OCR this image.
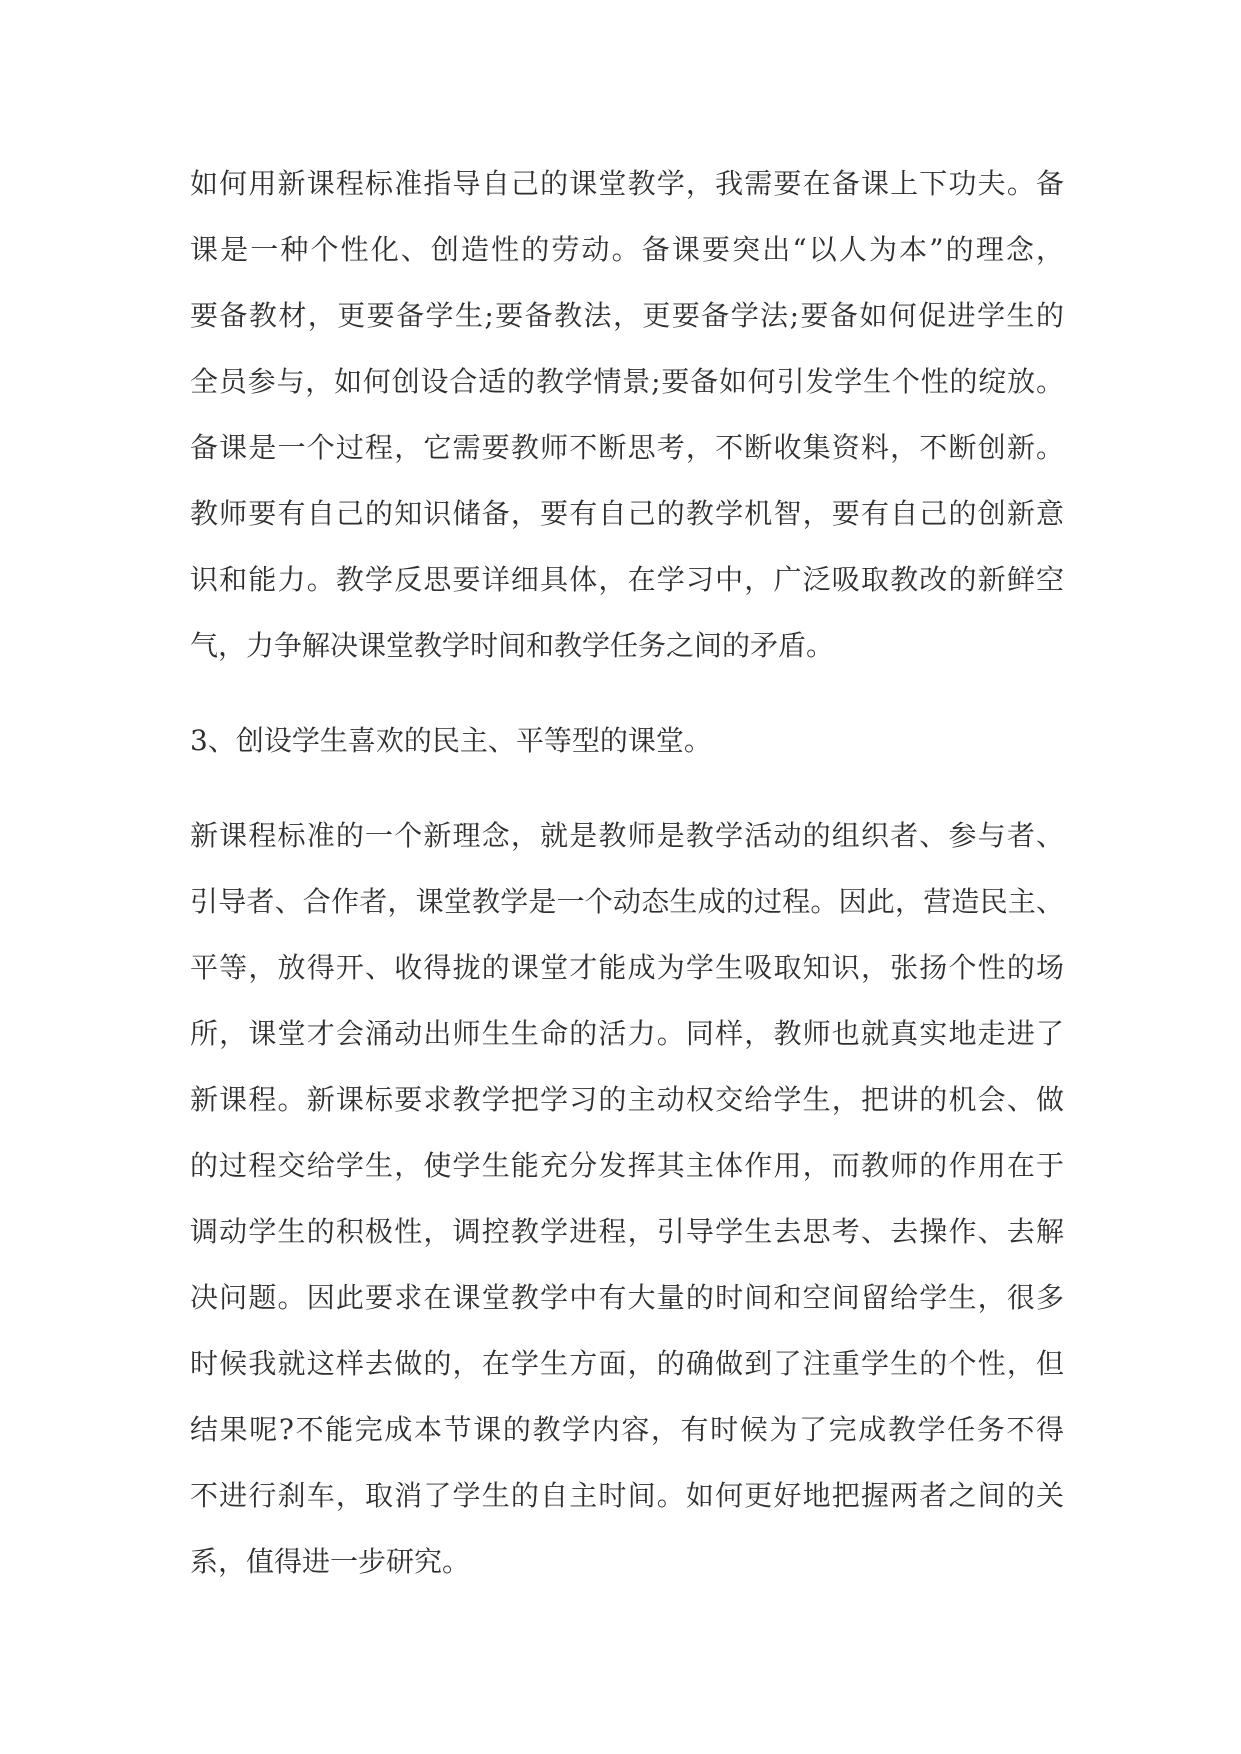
如何用新课程标准指导自己的课堂教学，我需要在备课上下功夫。备
课是一种个性化、创造性的劳动。备课要突出“以人为本”的理念，
要备教材，更要备学生;要备教法，更要备学法;要备如何促进学生的
全员参与，如何创设合适的教学情景;要备如何引发学生个性的绽放。
备课是一个过程，它需要教师不断思考，不断收集资料，不断创新。
教师要有自己的知识储备，要有自己的教学机智，要有自己的创新意
识和能力。教学反思要详细具体，在学习中，广泛吸取教改的新鲜空
气，力争解决课堂教学时间和教学任务之间的矛盾。
3、创设学生喜欢的民主、平等型的课堂。
新课程标准的一个新理念，就是教师是教学活动的组织者、参与者、
引导者、合作者，课堂教学是一个动态生成的过程。因此，营造民主、
平等，放得开、收得拢的课堂才能成为学生吸取知识，张扬个性的场
所，课堂才会涌动出师生生命的活力。同样，教师也就真实地走进了
新课程。新课标要求教学把学习的主动权交给学生，把讲的机会、做
的过程交给学生，使学生能充分发挥其主体作用，而教师的作用在于
调动学生的积极性，调控教学进程，引导学生去思考、去操作、去解
决问题。因此要求在课堂教学中有大量的时间和空间留给学生，很多
时候我就这样去做的，在学生方面，的确做到了注重学生的个性，但
结果呢?不能完成本节课的教学内容，有时候为了完成教学任务不得
不进行刹车，取消了学生的自主时间。如何更好地把握两者之间的关
系，值得进一步研究。
